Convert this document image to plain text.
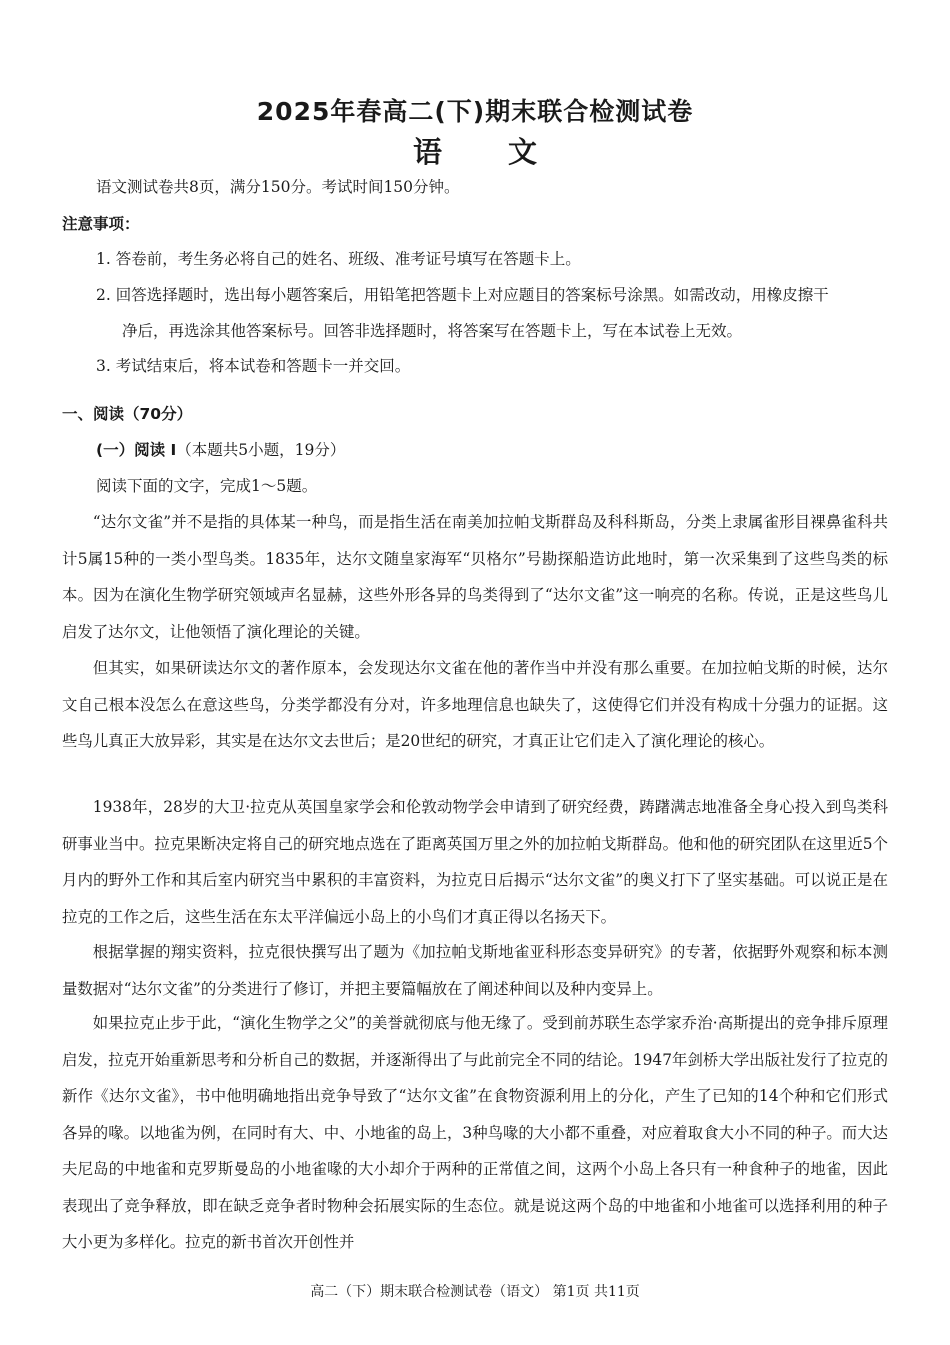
2025年春高二(下)期末联合检测试卷
语 文
语文测试卷共8页，满分150分。考试时间150分钟。
注意事项：
1. 答卷前，考生务必将自己的姓名、班级、准考证号填写在答题卡上。
2. 回答选择题时，选出每小题答案后，用铅笔把答题卡上对应题目的答案标号涂黑。如需改动，用橡皮擦干
净后，再选涂其他答案标号。回答非选择题时，将答案写在答题卡上，写在本试卷上无效。
3. 考试结束后，将本试卷和答题卡一并交回。
一、阅读（70分）
(一）阅读 I（本题共5小题，19分）
阅读下面的文字，完成1～5题。
“达尔文雀”并不是指的具体某一种鸟，而是指生活在南美加拉帕戈斯群岛及科科斯岛，分类上隶属雀形目裸鼻雀科共计5属15种的一类小型鸟类。1835年，达尔文随皇家海军“贝格尔”号勘探船造访此地时，第一次采集到了这些鸟类的标本。因为在演化生物学研究领域声名显赫，这些外形各异的鸟类得到了“达尔文雀”这一响亮的名称。传说，正是这些鸟儿启发了达尔文，让他领悟了演化理论的关键。
但其实，如果研读达尔文的著作原本，会发现达尔文雀在他的著作当中并没有那么重要。在加拉帕戈斯的时候，达尔文自己根本没怎么在意这些鸟，分类学都没有分对，许多地理信息也缺失了，这使得它们并没有构成十分强力的证据。这些鸟儿真正大放异彩，其实是在达尔文去世后；是20世纪的研究，才真正让它们走入了演化理论的核心。
1938年，28岁的大卫·拉克从英国皇家学会和伦敦动物学会申请到了研究经费，踌躇满志地准备全身心投入到鸟类科研事业当中。拉克果断决定将自己的研究地点选在了距离英国万里之外的加拉帕戈斯群岛。他和他的研究团队在这里近5个月内的野外工作和其后室内研究当中累积的丰富资料，为拉克日后揭示“达尔文雀”的奥义打下了坚实基础。可以说正是在拉克的工作之后，这些生活在东太平洋偏远小岛上的小鸟们才真正得以名扬天下。
根据掌握的翔实资料，拉克很快撰写出了题为《加拉帕戈斯地雀亚科形态变异研究》的专著，依据野外观察和标本测量数据对“达尔文雀”的分类进行了修订，并把主要篇幅放在了阐述种间以及种内变异上。
如果拉克止步于此，“演化生物学之父”的美誉就彻底与他无缘了。受到前苏联生态学家乔治·高斯提出的竞争排斥原理启发，拉克开始重新思考和分析自己的数据，并逐渐得出了与此前完全不同的结论。1947年剑桥大学出版社发行了拉克的新作《达尔文雀》，书中他明确地指出竞争导致了“达尔文雀”在食物资源利用上的分化，产生了已知的14个种和它们形式各异的喙。以地雀为例，在同时有大、中、小地雀的岛上，3种鸟喙的大小都不重叠，对应着取食大小不同的种子。而大达夫尼岛的中地雀和克罗斯曼岛的小地雀喙的大小却介于两种的正常值之间，这两个小岛上各只有一种食种子的地雀，因此表现出了竞争释放，即在缺乏竞争者时物种会拓展实际的生态位。就是说这两个岛的中地雀和小地雀可以选择利用的种子大小更为多样化。拉克的新书首次开创性并
高二（下）期末联合检测试卷（语文） 第1页 共11页
